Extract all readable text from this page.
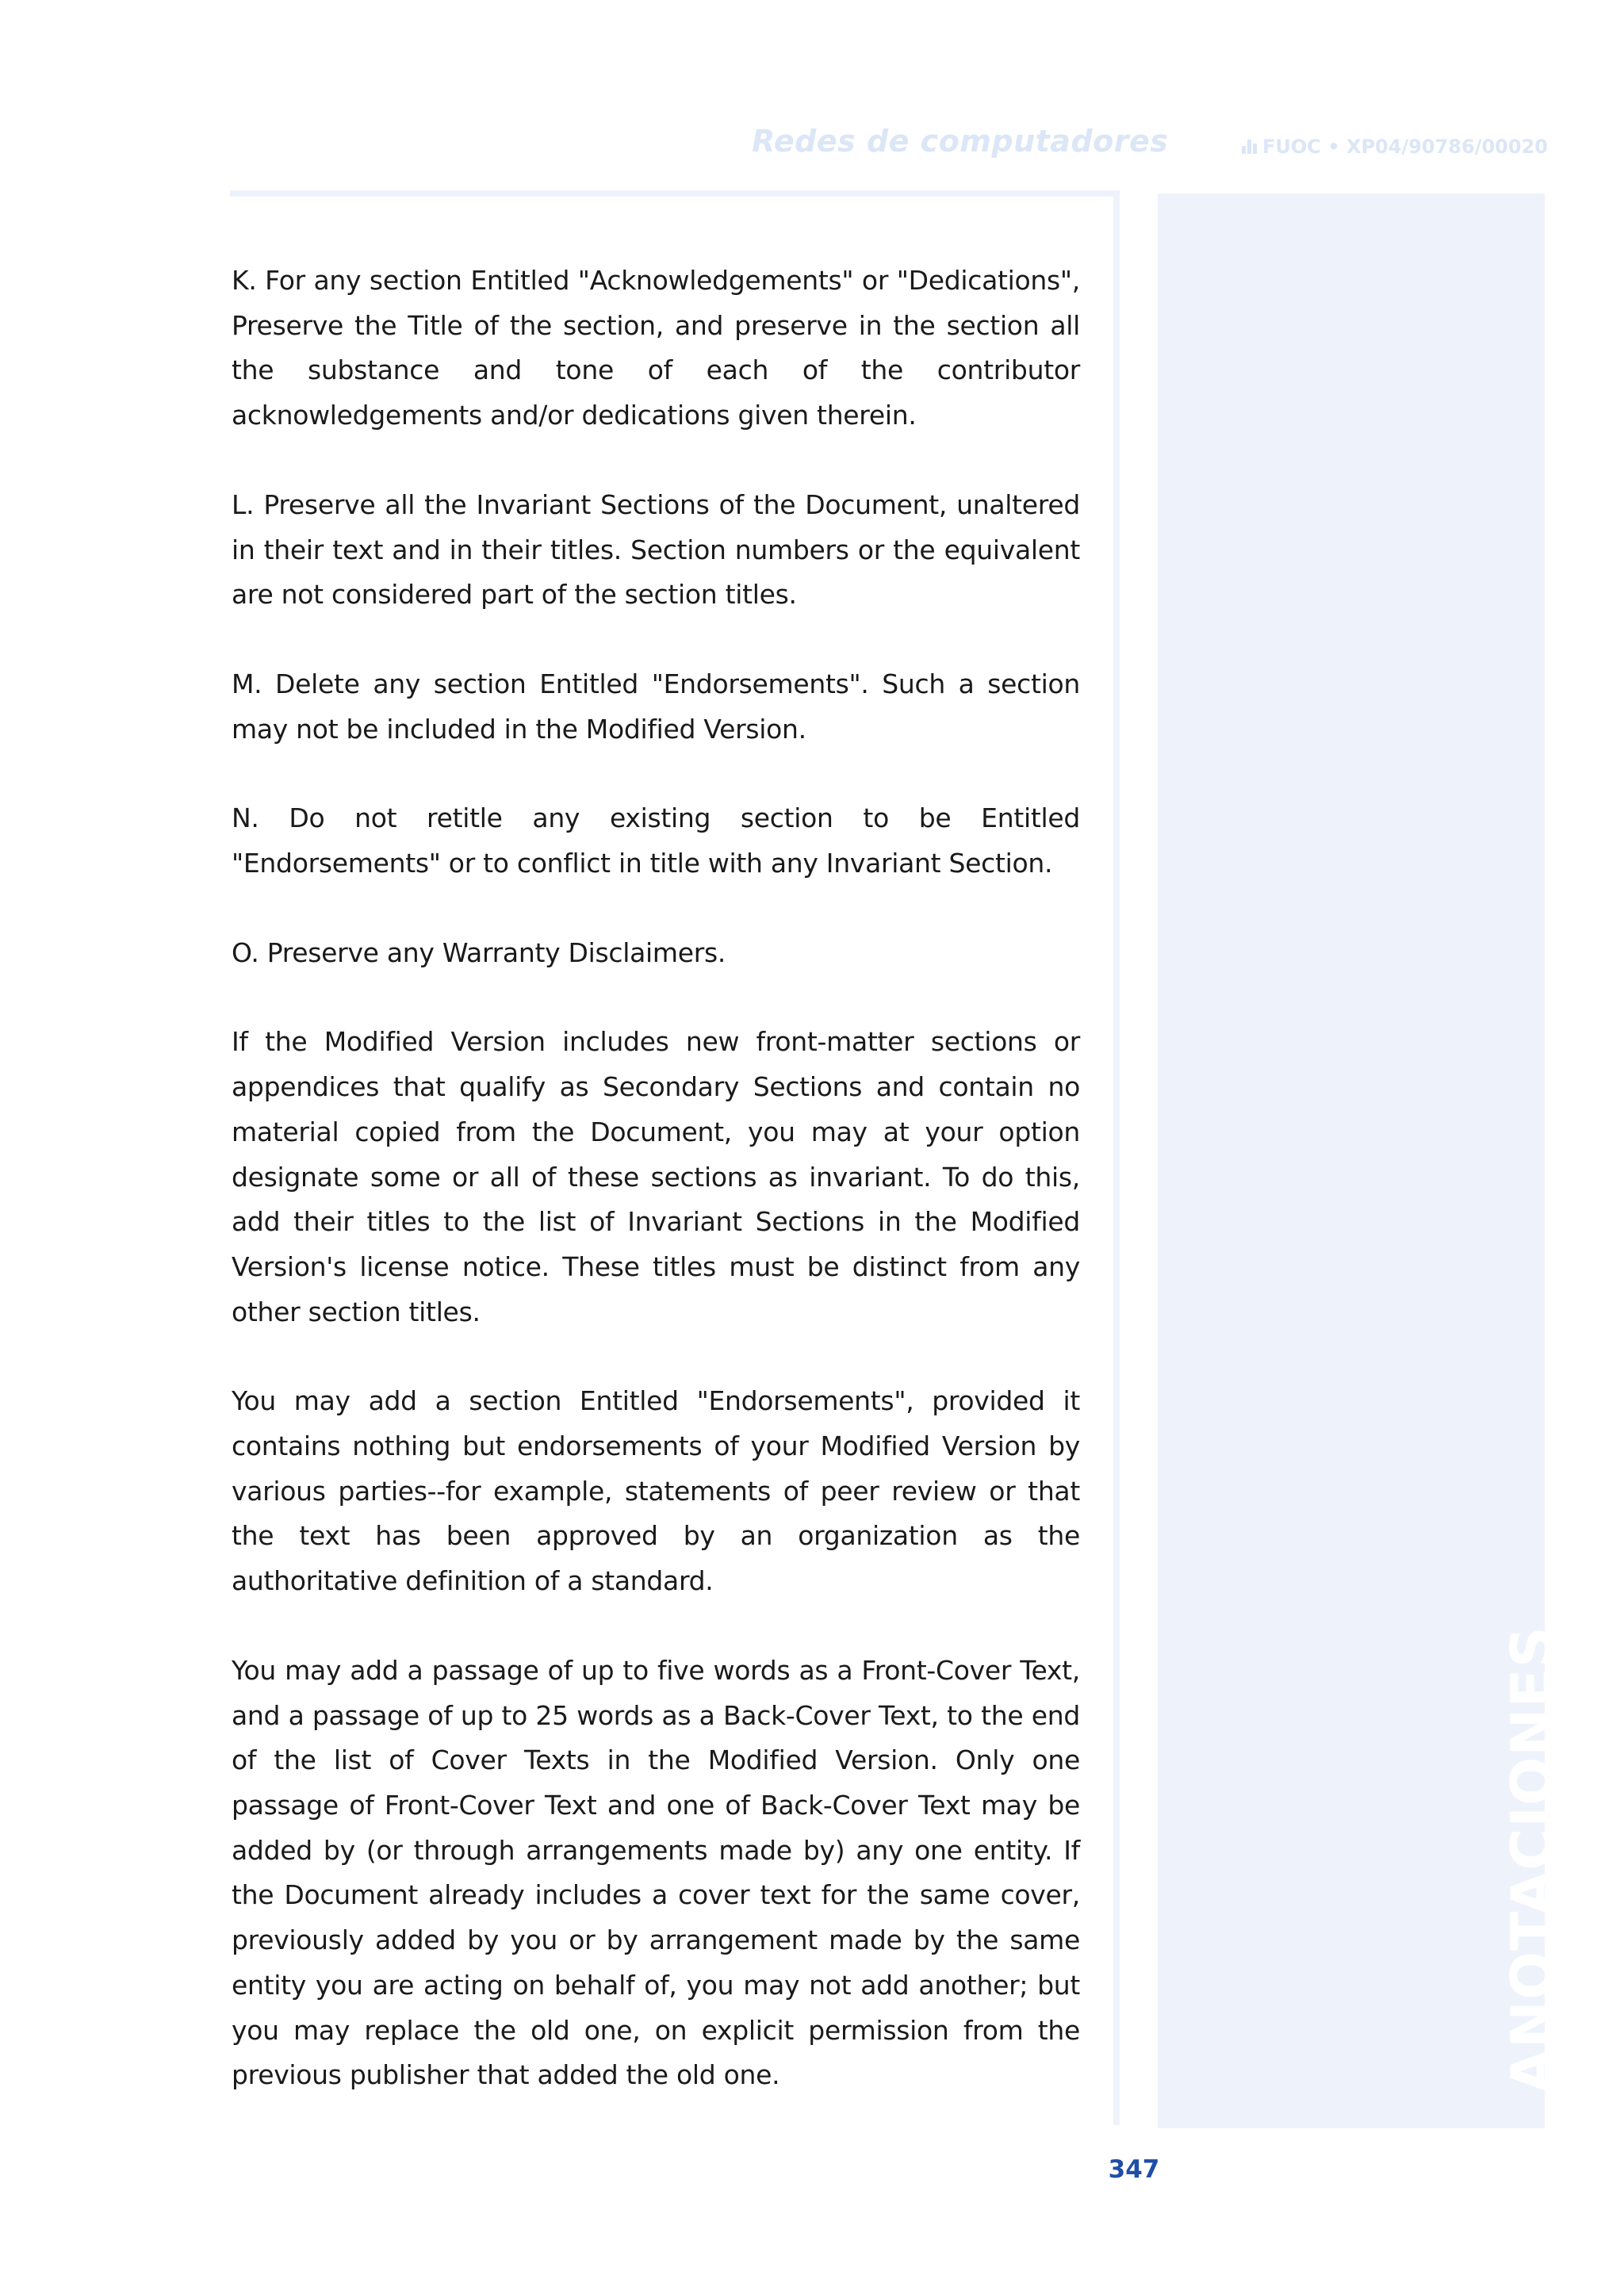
Redes de computadores	FUOC • XP04/90786/00020
ANOTACIONES

K. For any section Entitled "Acknowledgements" or "Dedications", Preserve the Title of the section, and preserve in the section all the substance and tone of each of the contributor acknowledgements and/or dedications given therein.

L. Preserve all the Invariant Sections of the Document, unaltered in their text and in their titles. Section numbers or the equivalent are not considered part of the section titles.

M. Delete any section Entitled "Endorsements". Such a section may not be included in the Modified Version.

N. Do not retitle any existing section to be Entitled "Endorsements" or to conflict in title with any Invariant Section.

O. Preserve any Warranty Disclaimers.

If the Modified Version includes new front-matter sections or appendices that qualify as Secondary Sections and contain no material copied from the Document, you may at your option designate some or all of these sections as invariant. To do this, add their titles to the list of Invariant Sections in the Modified Version's license notice. These titles must be distinct from any other section titles.

You may add a section Entitled "Endorsements", provided it contains nothing but endorsements of your Modified Version by various parties--for example, statements of peer review or that the text has been approved by an organization as the authoritative definition of a standard.

You may add a passage of up to five words as a Front-Cover Text, and a passage of up to 25 words as a Back-Cover Text, to the end of the list of Cover Texts in the Modified Version. Only one passage of Front-Cover Text and one of Back-Cover Text may be added by (or through arrangements made by) any one entity. If the Document already includes a cover text for the same cover, previously added by you or by arrangement made by the same entity you are acting on behalf of, you may not add another; but you may replace the old one, on explicit permission from the previous publisher that added the old one.

347
